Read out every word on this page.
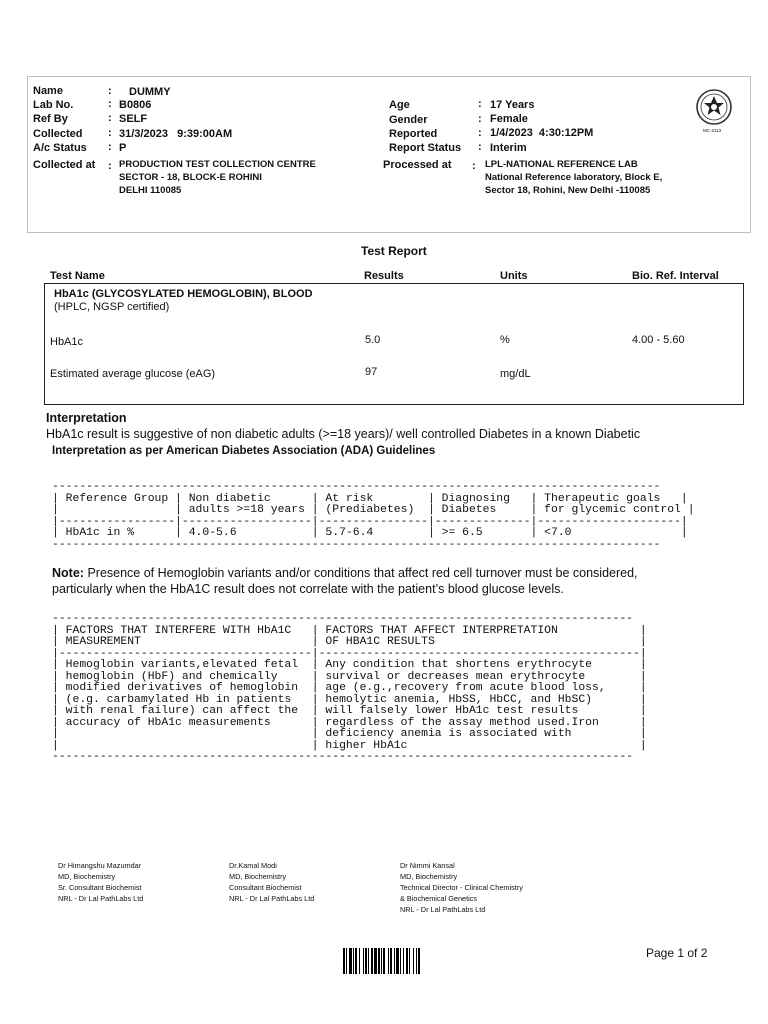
Name	: DUMMY
Lab No.	: B0806
Ref By	: SELF
Collected : 31/3/2023   9:39:00AM
A/c Status : P
Collected at : PRODUCTION TEST COLLECTION CENTRE
SECTOR - 18, BLOCK-E ROHINI
DELHI 110085
Age	: 17 Years
Gender	: Female
Reported	: 1/4/2023  4:30:12PM
Report Status : Interim
Processed at : LPL-NATIONAL REFERENCE LAB
National Reference laboratory, Block E,
Sector 18, Rohini, New Delhi -110085
MC-2113
Test Report
Test Name	Results	Units	Bio. Ref. Interval
HbA1c (GLYCOSYLATED HEMOGLOBIN), BLOOD
(HPLC, NGSP certified)
HbA1c	5.0	%	4.00 - 5.60
Estimated average glucose (eAG)	97	mg/dL
Interpretation
HbA1c result is suggestive of non diabetic adults (>=18 years)/ well controlled Diabetes in a known Diabetic
Interpretation as per American Diabetes Association (ADA) Guidelines
-----------------------------------------------------------------------------------------
| Reference Group | Non diabetic      | At risk        | Diagnosing   | Therapeutic goals   |
|                 | adults >=18 years | (Prediabetes)  | Diabetes     | for glycemic control |
|-----------------|-------------------|----------------|--------------|---------------------|
| HbA1c in %      | 4.0-5.6           | 5.7-6.4        | >= 6.5       | <7.0                |
-----------------------------------------------------------------------------------------
Note: Presence of Hemoglobin variants and/or conditions that affect red cell turnover must be considered,
particularly when the HbA1C result does not correlate with the patient’s blood glucose levels.
-------------------------------------------------------------------------------------
| FACTORS THAT INTERFERE WITH HbA1C   | FACTORS THAT AFFECT INTERPRETATION            |
| MEASUREMENT                         | OF HBA1C RESULTS                              |
|-------------------------------------|-----------------------------------------------|
| Hemoglobin variants,elevated fetal  | Any condition that shortens erythrocyte       |
| hemoglobin (HbF) and chemically     | survival or decreases mean erythrocyte        |
| modified derivatives of hemoglobin  | age (e.g.,recovery from acute blood loss,     |
| (e.g. carbamylated Hb in patients   | hemolytic anemia, HbSS, HbCC, and HbSC)       |
| with renal failure) can affect the  | will falsely lower HbA1c test results         |
| accuracy of HbA1c measurements      | regardless of the assay method used.Iron      |
|                                     | deficiency anemia is associated with          |
|                                     | higher HbA1c                                  |
-------------------------------------------------------------------------------------
Dr Himangshu Mazumdar
MD, Biochemistry
Sr. Consultant Biochemist
NRL - Dr Lal PathLabs Ltd
Dr.Kamal Modi
MD, Biochemistry
Consultant Biochemist
NRL - Dr Lal PathLabs Ltd
Dr Nimmi Kansal
MD, Biochemistry
Technical Director - Clinical Chemistry
& Biochemical Genetics
NRL - Dr Lal PathLabs Ltd
Page 1 of 2
